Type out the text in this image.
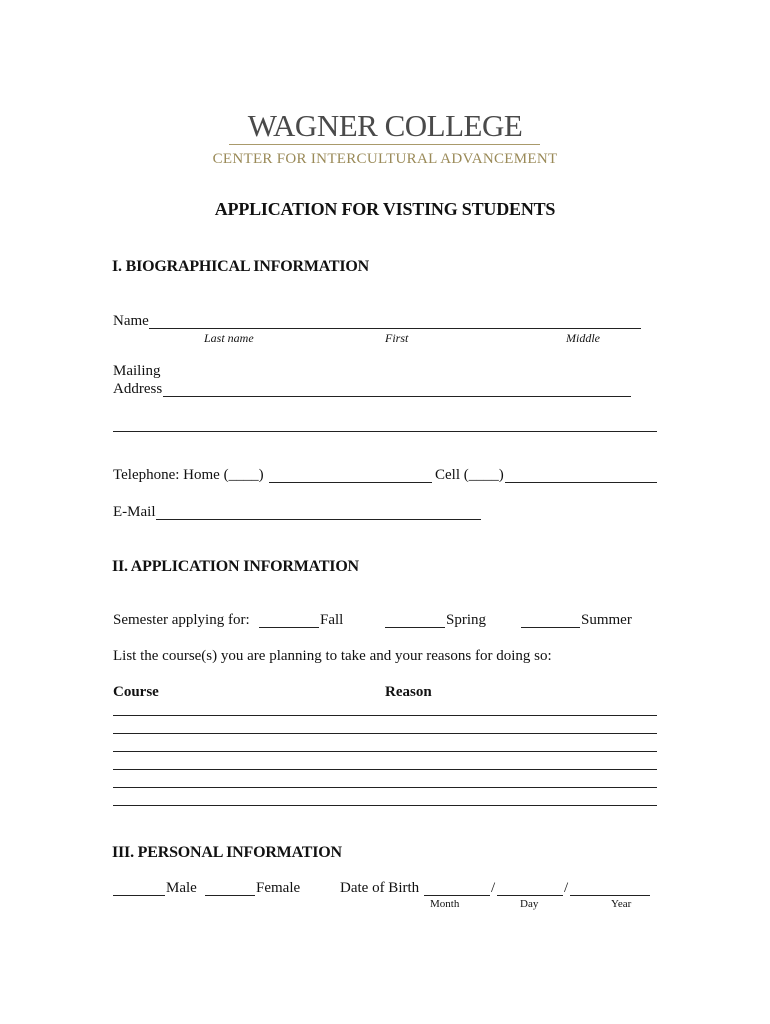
WAGNER COLLEGE
CENTER FOR INTERCULTURAL ADVANCEMENT
APPLICATION FOR VISTING STUDENTS
I. BIOGRAPHICAL INFORMATION
Name
Last name	First	Middle
Mailing
Address
Telephone: Home (____)	Cell (____)
E-Mail
II. APPLICATION INFORMATION
Semester applying for:	Fall	Spring	Summer
List the course(s) you are planning to take and your reasons for doing so:
Course	Reason
III. PERSONAL INFORMATION
Male	Female	Date of Birth	/	/
Month	Day	Year
